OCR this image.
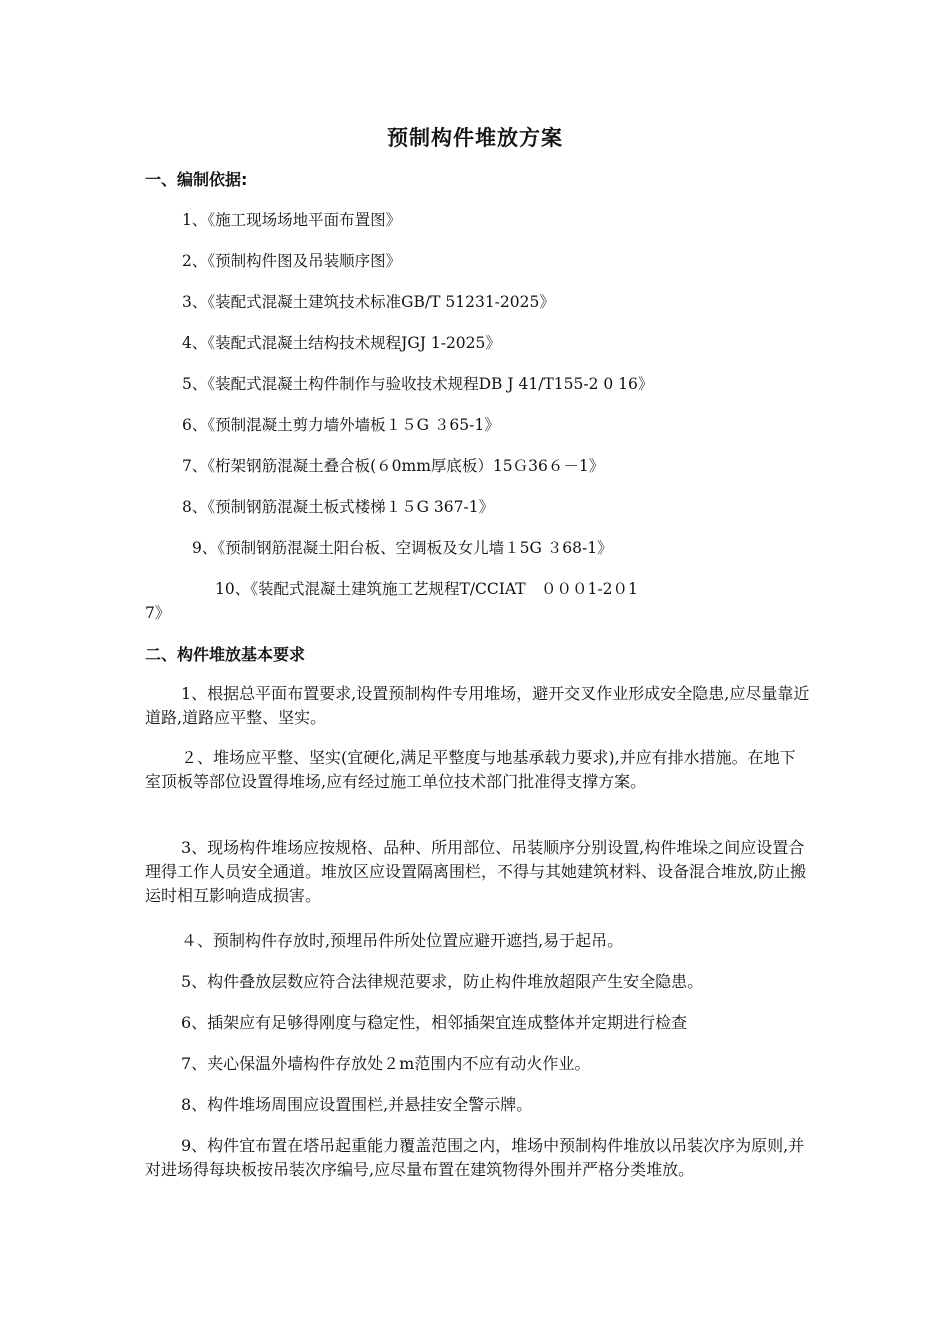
预制构件堆放方案
一、编制依据:
1、《施工现场场地平面布置图》
2、《预制构件图及吊装顺序图》
3、《装配式混凝土建筑技术标准GB/T 51231-2025》
4、《装配式混凝土结构技术规程JGJ 1-2025》
5、《装配式混凝土构件制作与验收技术规程DB J 41/T155-2 0 16》
6、《预制混凝土剪力墙外墙板１５G ３65-1》
7、《桁架钢筋混凝土叠合板(６0mm厚底板）15Ｇ36６－1》
8、《预制钢筋混凝土板式楼梯１５G 367-1》
9、《预制钢筋混凝土阳台板、空调板及女儿墙１5G ３68-1》
10、《装配式混凝土建筑施工艺规程T/CCIAT　０００1-2０1
7》
二、构件堆放基本要求
1、根据总平面布置要求,设置预制构件专用堆场，避开交叉作业形成安全隐患,应尽量靠近道路,道路应平整、坚实。
２、堆场应平整、坚实(宜硬化,满足平整度与地基承载力要求),并应有排水措施。在地下室顶板等部位设置得堆场,应有经过施工单位技术部门批准得支撑方案。
3、现场构件堆场应按规格、品种、所用部位、吊装顺序分别设置,构件堆垛之间应设置合理得工作人员安全通道。堆放区应设置隔离围栏，不得与其她建筑材料、设备混合堆放,防止搬运时相互影响造成损害。
４、预制构件存放时,预埋吊件所处位置应避开遮挡,易于起吊。
5、构件叠放层数应符合法律规范要求，防止构件堆放超限产生安全隐患。
6、插架应有足够得刚度与稳定性，相邻插架宜连成整体并定期进行检查
7、夹心保温外墙构件存放处２m范围内不应有动火作业。
8、构件堆场周围应设置围栏,并悬挂安全警示牌。
9、构件宜布置在塔吊起重能力覆盖范围之内，堆场中预制构件堆放以吊装次序为原则,并对进场得每块板按吊装次序编号,应尽量布置在建筑物得外围并严格分类堆放。
